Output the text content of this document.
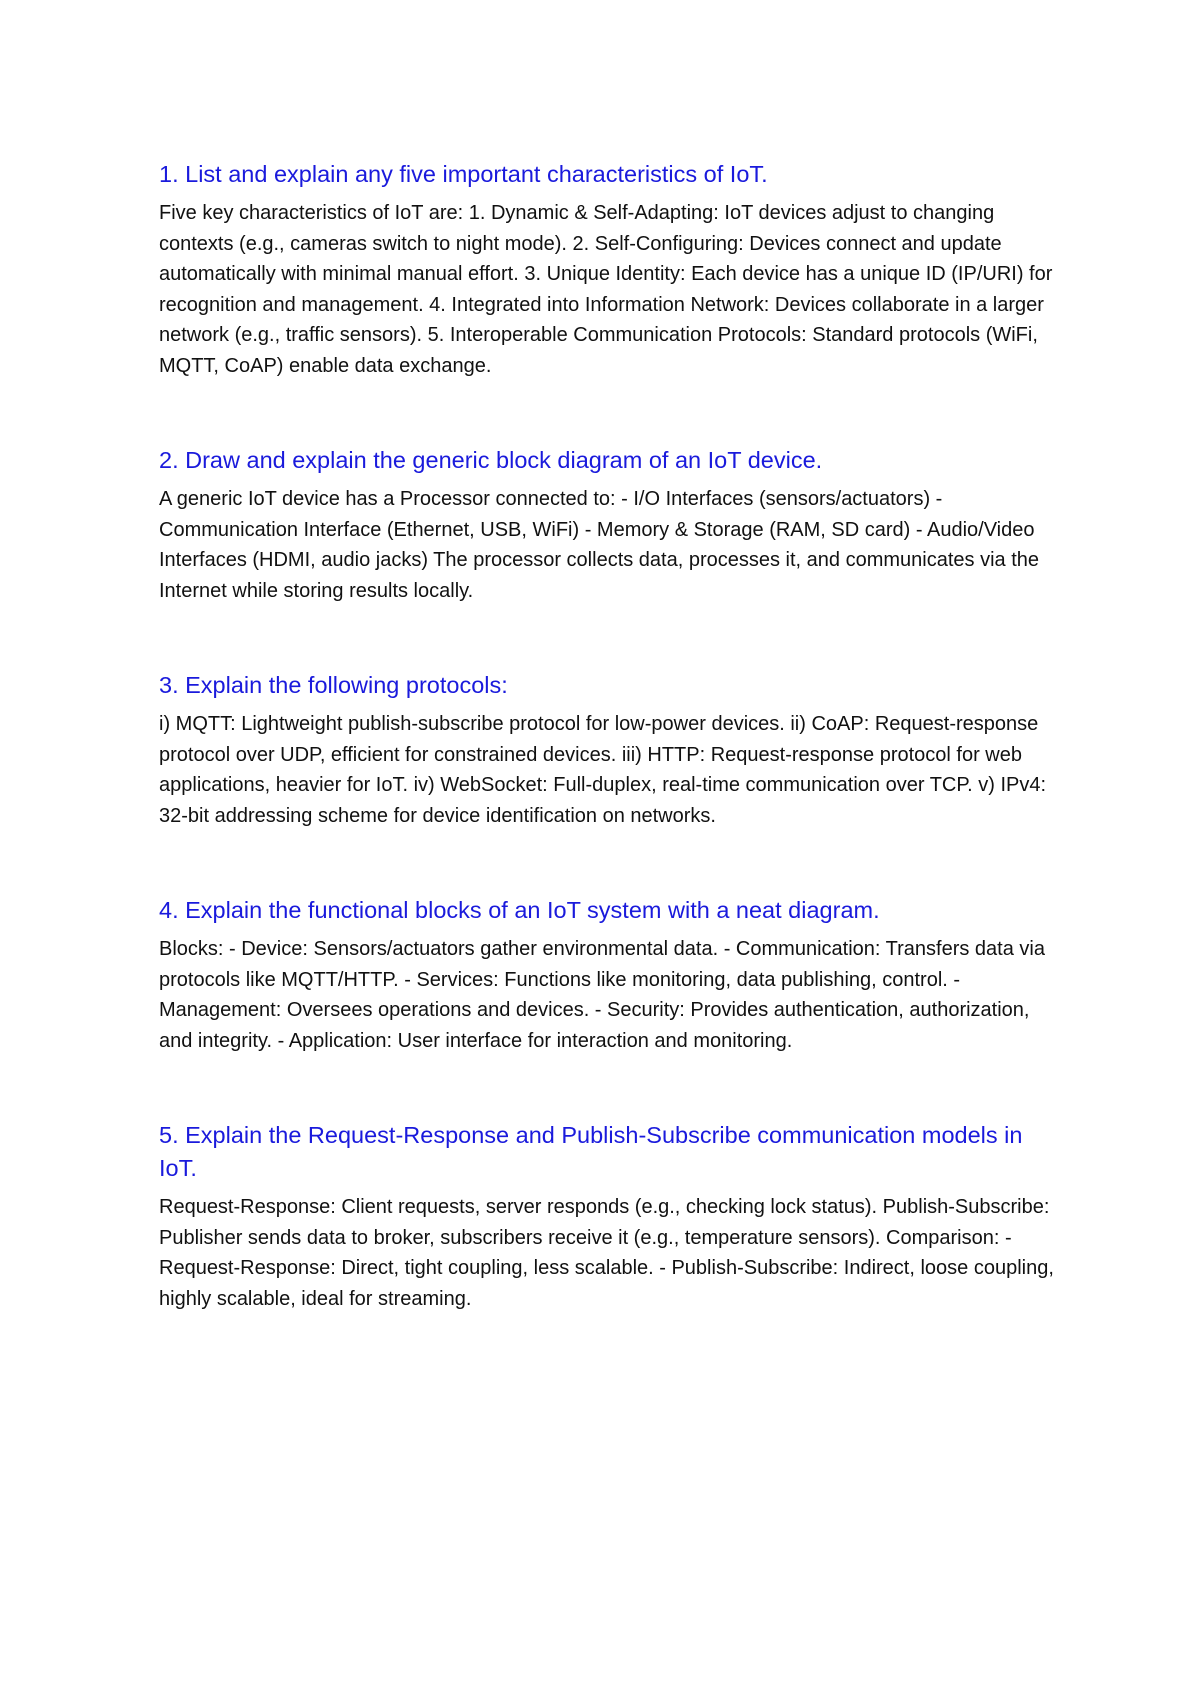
1. List and explain any five important characteristics of IoT.

Five key characteristics of IoT are: 1. Dynamic & Self-Adapting: IoT devices adjust to changing contexts (e.g., cameras switch to night mode). 2. Self-Configuring: Devices connect and update automatically with minimal manual effort. 3. Unique Identity: Each device has a unique ID (IP/URI) for recognition and management. 4. Integrated into Information Network: Devices collaborate in a larger network (e.g., traffic sensors). 5. Interoperable Communication Protocols: Standard protocols (WiFi, MQTT, CoAP) enable data exchange.

2. Draw and explain the generic block diagram of an IoT device.

A generic IoT device has a Processor connected to: - I/O Interfaces (sensors/actuators) - Communication Interface (Ethernet, USB, WiFi) - Memory & Storage (RAM, SD card) - Audio/Video Interfaces (HDMI, audio jacks) The processor collects data, processes it, and communicates via the Internet while storing results locally.

3. Explain the following protocols:

i) MQTT: Lightweight publish-subscribe protocol for low-power devices. ii) CoAP: Request-response protocol over UDP, efficient for constrained devices. iii) HTTP: Request-response protocol for web applications, heavier for IoT. iv) WebSocket: Full-duplex, real-time communication over TCP. v) IPv4: 32-bit addressing scheme for device identification on networks.

4. Explain the functional blocks of an IoT system with a neat diagram.

Blocks: - Device: Sensors/actuators gather environmental data. - Communication: Transfers data via protocols like MQTT/HTTP. - Services: Functions like monitoring, data publishing, control. - Management: Oversees operations and devices. - Security: Provides authentication, authorization, and integrity. - Application: User interface for interaction and monitoring.

5. Explain the Request-Response and Publish-Subscribe communication models in IoT.

Request-Response: Client requests, server responds (e.g., checking lock status). Publish-Subscribe: Publisher sends data to broker, subscribers receive it (e.g., temperature sensors). Comparison: - Request-Response: Direct, tight coupling, less scalable. - Publish-Subscribe: Indirect, loose coupling, highly scalable, ideal for streaming.
